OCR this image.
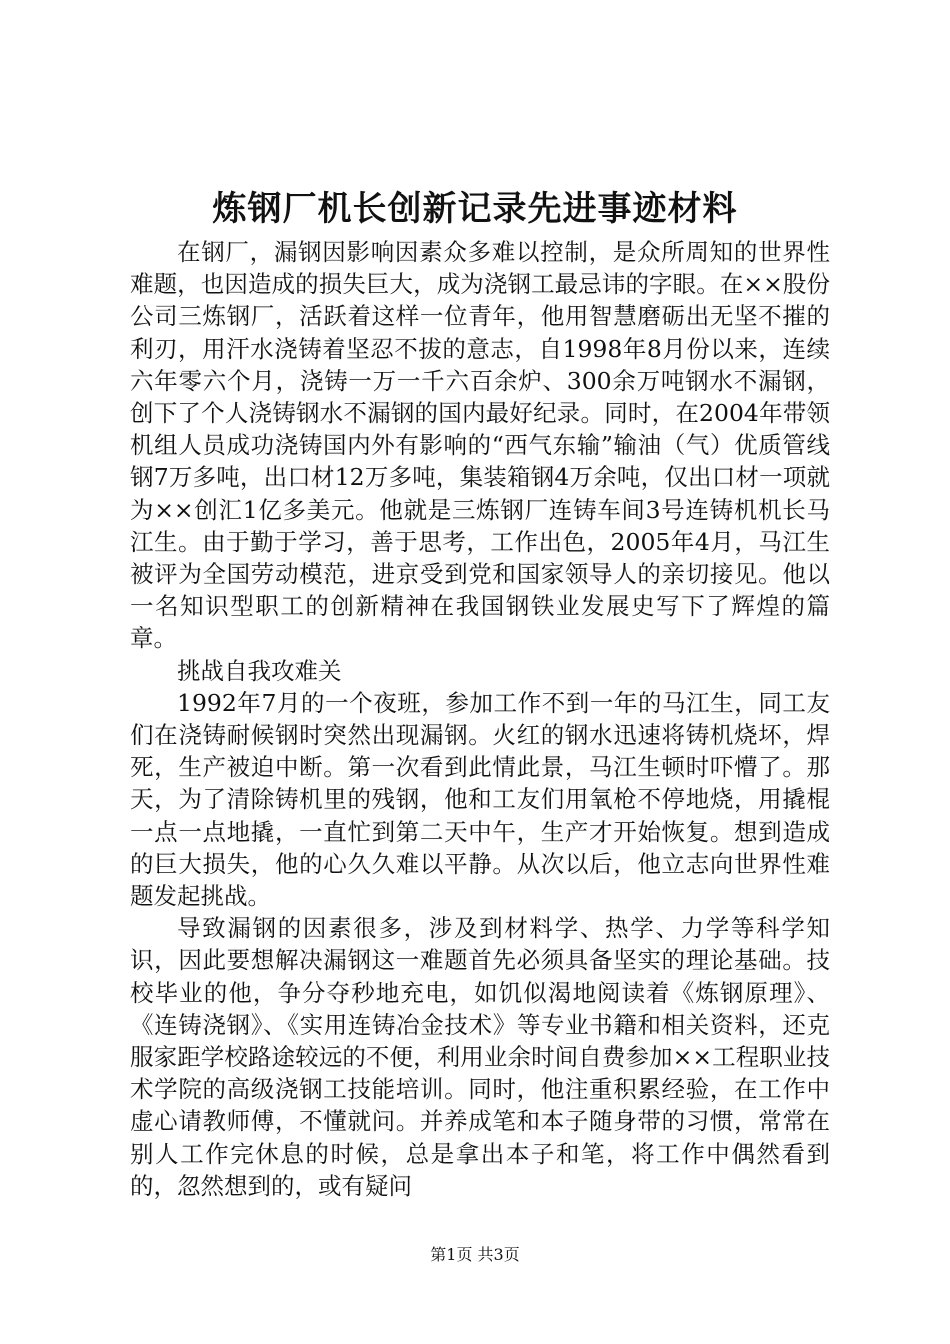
炼钢厂机长创新记录先进事迹材料

在钢厂，漏钢因影响因素众多难以控制，是众所周知的世界性难题，也因造成的损失巨大，成为浇钢工最忌讳的字眼。在××股份公司三炼钢厂，活跃着这样一位青年，他用智慧磨砺出无坚不摧的利刃，用汗水浇铸着坚忍不拔的意志，自1998年8月份以来，连续六年零六个月，浇铸一万一千六百余炉、300余万吨钢水不漏钢，创下了个人浇铸钢水不漏钢的国内最好纪录。同时，在2004年带领机组人员成功浇铸国内外有影响的“西气东输”输油（气）优质管线钢7万多吨，出口材12万多吨，集装箱钢4万余吨，仅出口材一项就为××创汇1亿多美元。他就是三炼钢厂连铸车间3号连铸机机长马江生。由于勤于学习，善于思考，工作出色，2005年4月，马江生被评为全国劳动模范，进京受到党和国家领导人的亲切接见。他以一名知识型职工的创新精神在我国钢铁业发展史写下了辉煌的篇章。

挑战自我攻难关

1992年7月的一个夜班，参加工作不到一年的马江生，同工友们在浇铸耐候钢时突然出现漏钢。火红的钢水迅速将铸机烧坏，焊死，生产被迫中断。第一次看到此情此景，马江生顿时吓懵了。那天，为了清除铸机里的残钢，他和工友们用氧枪不停地烧，用撬棍一点一点地撬，一直忙到第二天中午，生产才开始恢复。想到造成的巨大损失，他的心久久难以平静。从次以后，他立志向世界性难题发起挑战。

导致漏钢的因素很多，涉及到材料学、热学、力学等科学知识，因此要想解决漏钢这一难题首先必须具备坚实的理论基础。技校毕业的他，争分夺秒地充电，如饥似渴地阅读着《炼钢原理》、《连铸浇钢》、《实用连铸冶金技术》等专业书籍和相关资料，还克服家距学校路途较远的不便，利用业余时间自费参加××工程职业技术学院的高级浇钢工技能培训。同时，他注重积累经验，在工作中虚心请教师傅，不懂就问。并养成笔和本子随身带的习惯，常常在别人工作完休息的时候，总是拿出本子和笔，将工作中偶然看到的，忽然想到的，或有疑问

第1页 共3页
